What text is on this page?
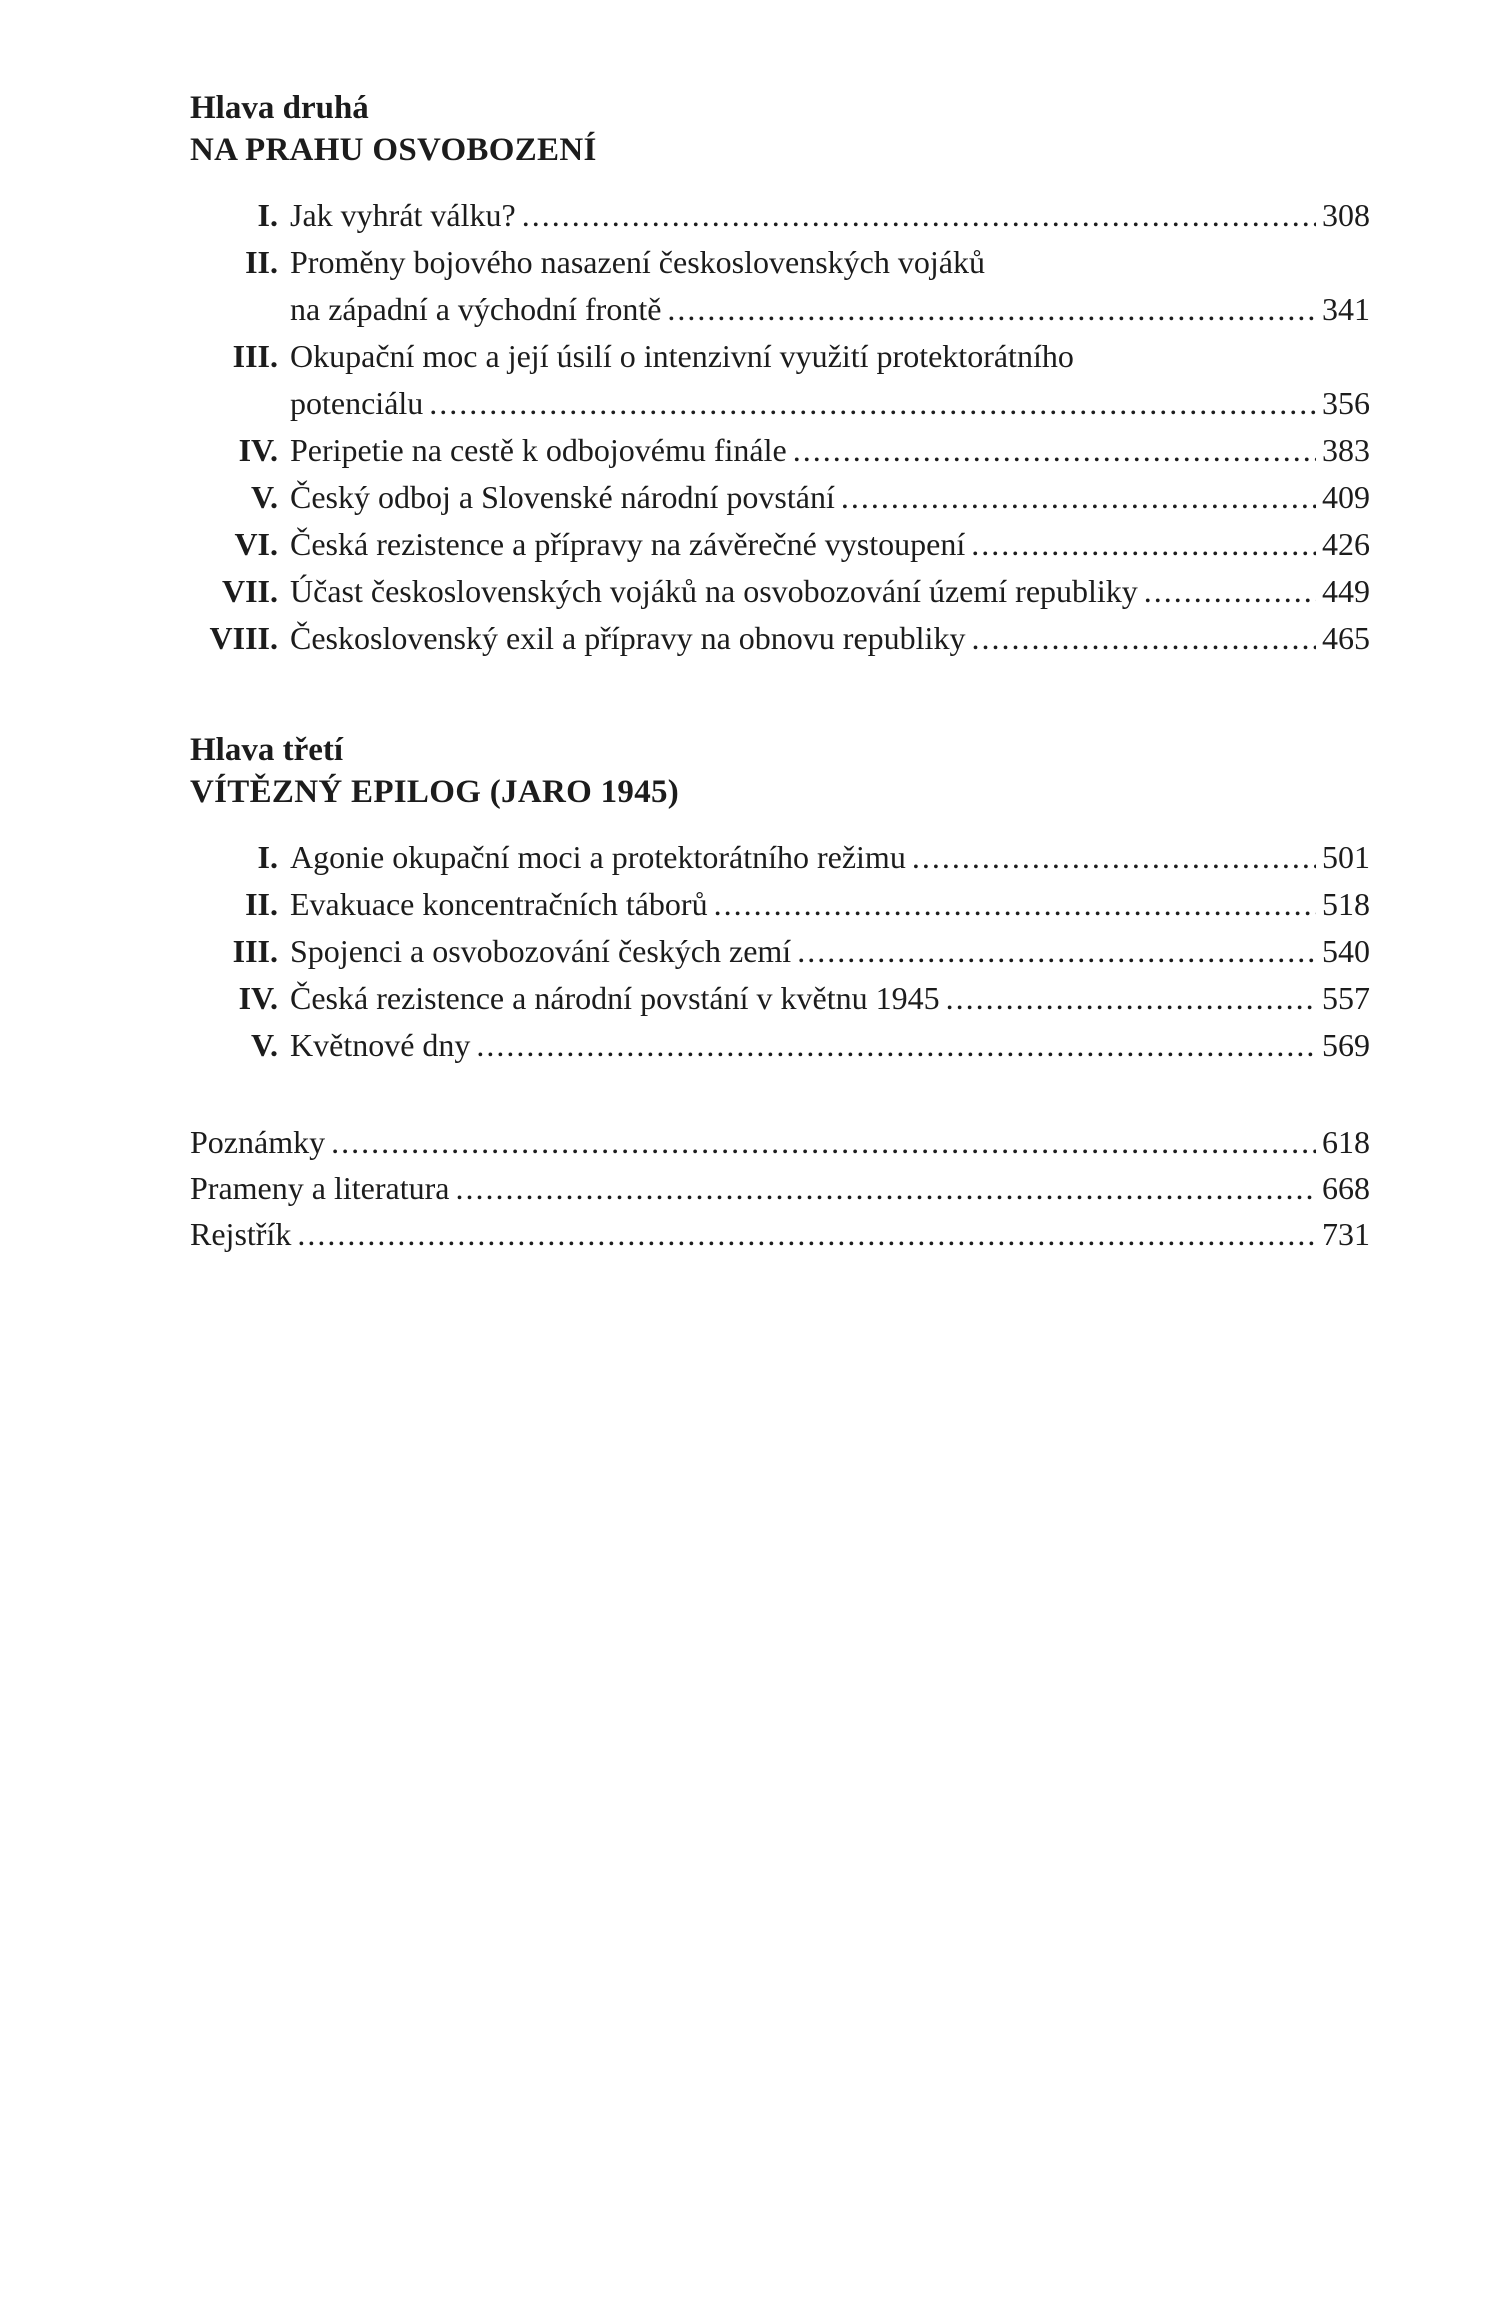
Hlava druhá
NA PRAHU OSVOBOZENÍ
I. Jak vyhrát válku? .....	308
II. Proměny bojového nasazení československých vojáků
na západní a východní frontě .....	341
III. Okupační moc a její úsilí o intenzivní využití protektorátního
potenciálu .....	356
IV. Peripetie na cestě k odbojovému finále .....	383
V. Český odboj a Slovenské národní povstání .....	409
VI. Česká rezistence a přípravy na závěrečné vystoupení .....	426
VII. Účast československých vojáků na osvobozování území republiky .....	449
VIII. Československý exil a přípravy na obnovu republiky .....	465
Hlava třetí
VÍTĚZNÝ EPILOG (JARO 1945)
I. Agonie okupační moci a protektorátního režimu .....	501
II. Evakuace koncentračních táborů .....	518
III. Spojenci a osvobozování českých zemí .....	540
IV. Česká rezistence a národní povstání v květnu 1945 .....	557
V. Květnové dny .....	569
Poznámky .....	618
Prameny a literatura .....	668
Rejstřík .....	731
